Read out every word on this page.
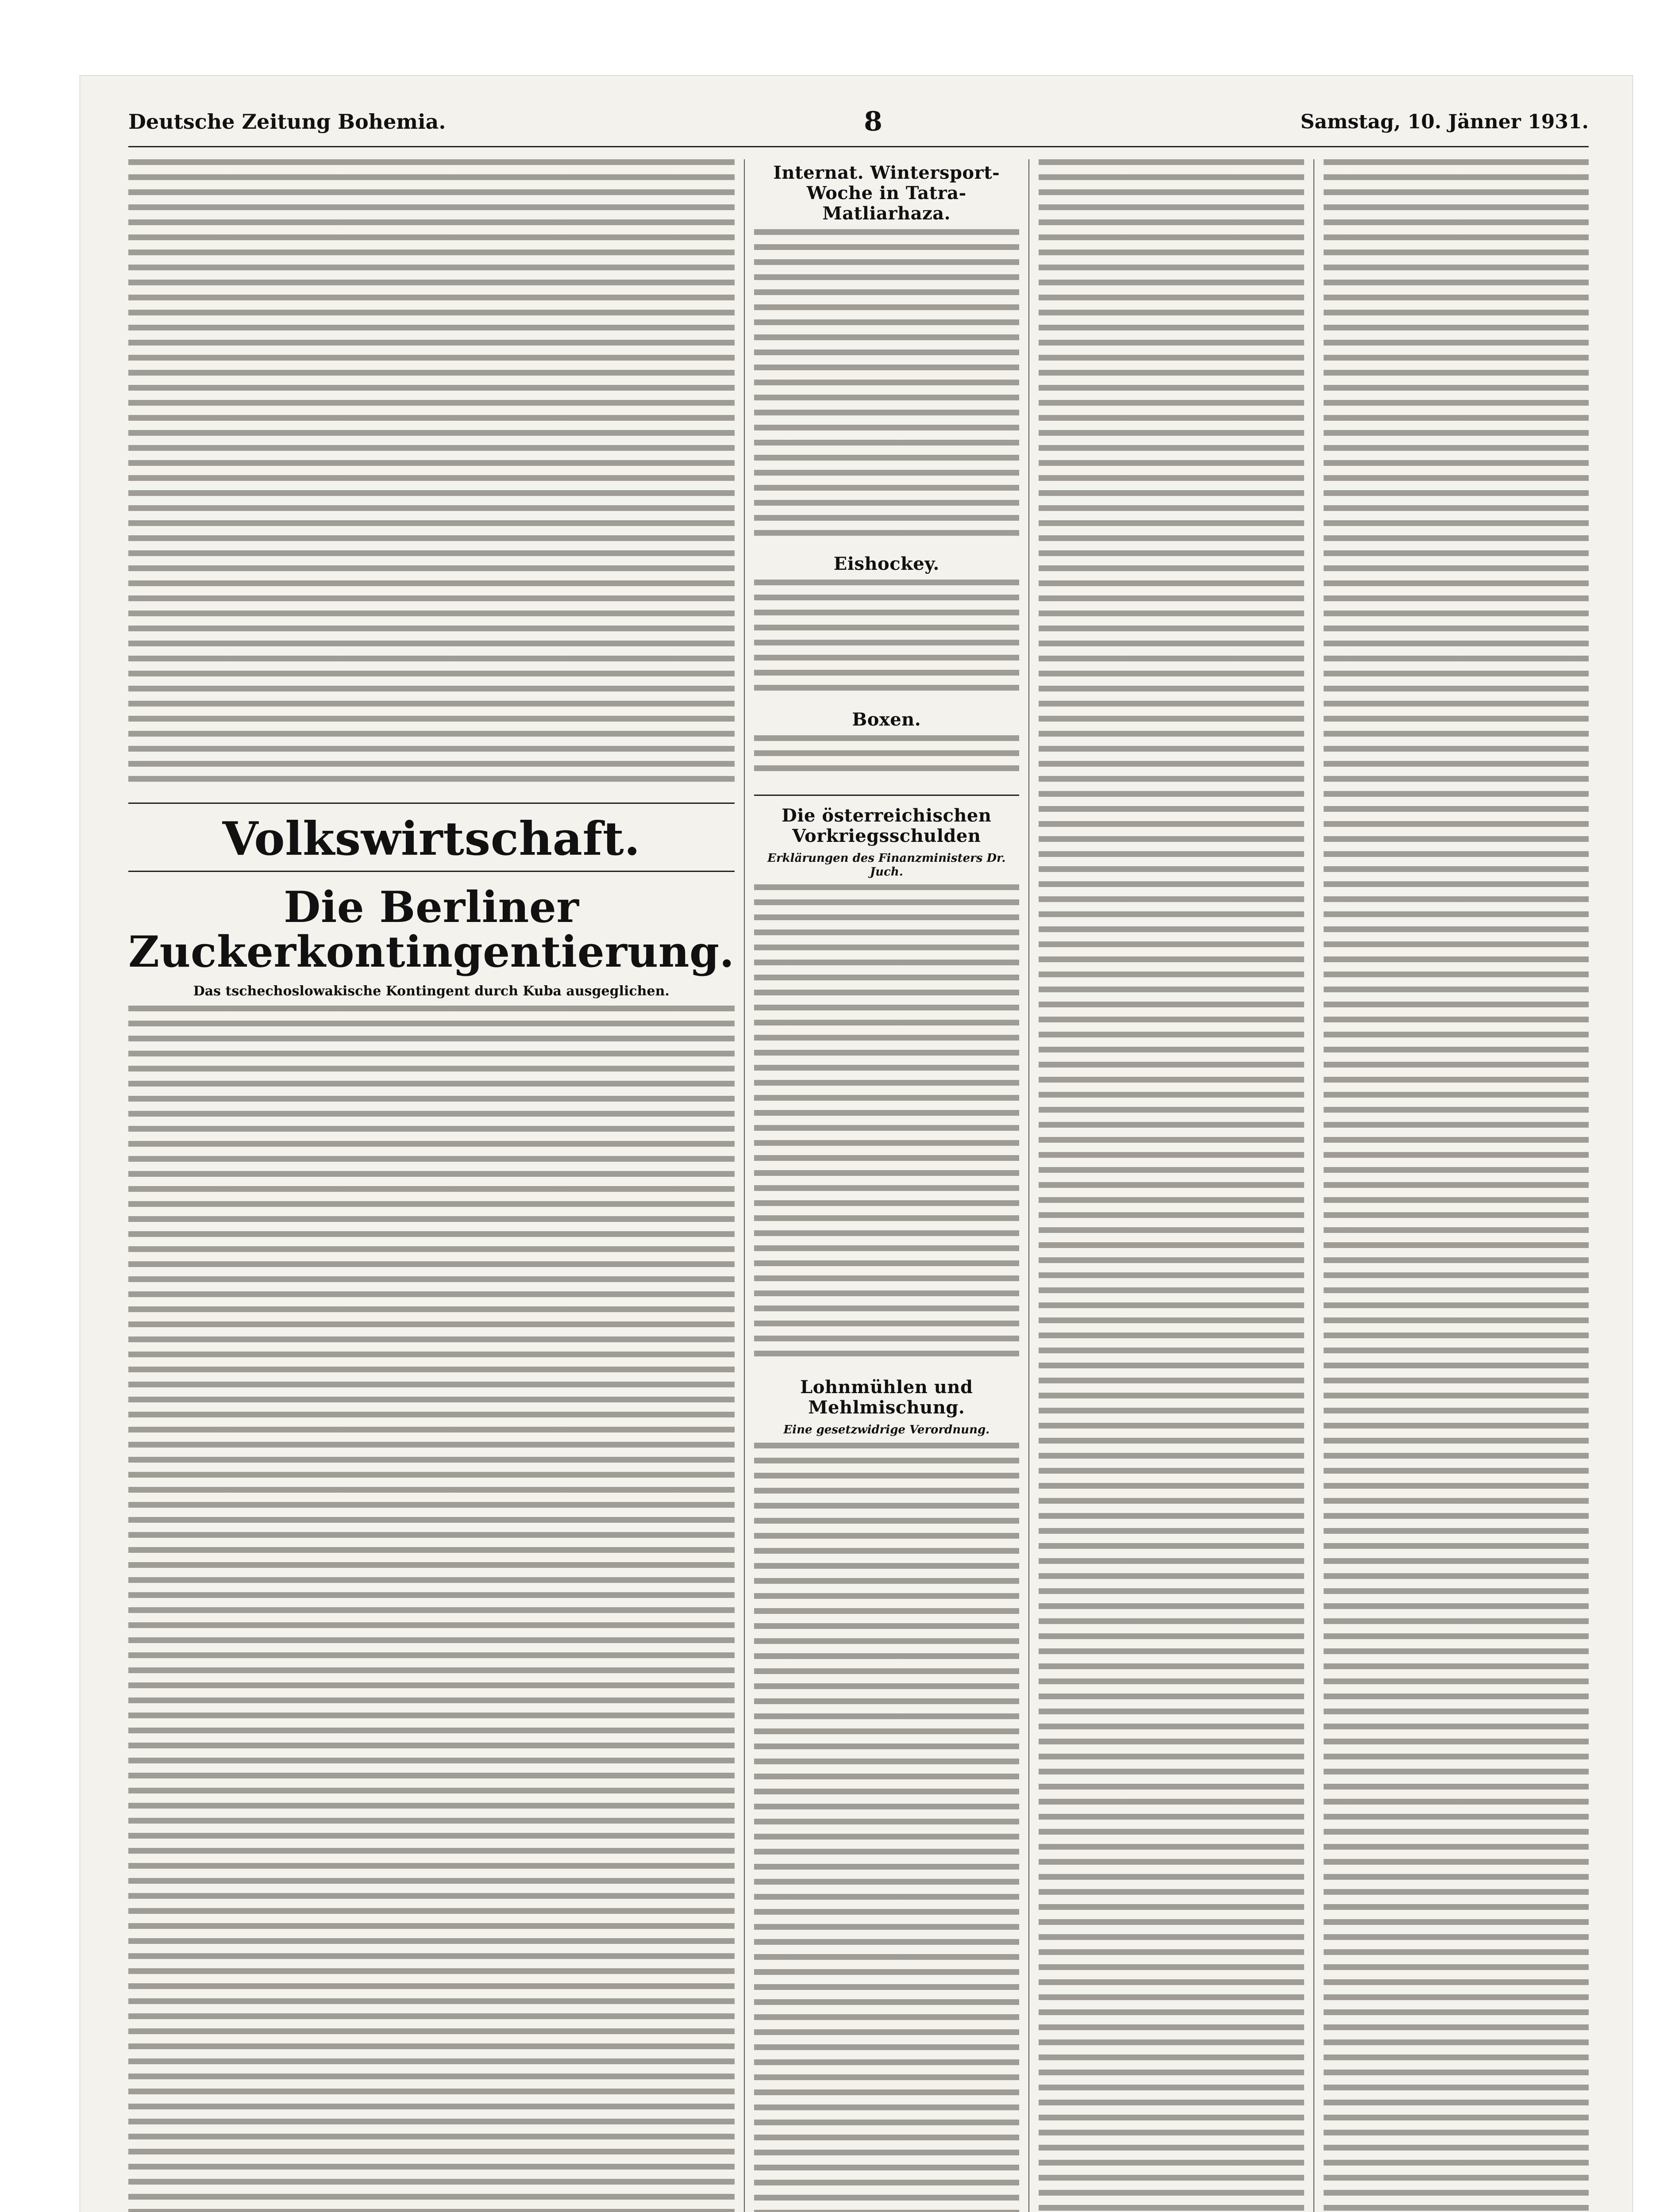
Deutsche Zeitung Bohemia.	8	Samstag, 10. Jänner 1931.
Volkswirtschaft.
Die Berliner Zuckerkontingentierung.
Das tschechoslowakische Kontingent durch Kuba ausgeglichen.
Internat. Wintersport-Woche in Tatra-Matliarhaza.
Eishockey.
Boxen.
Die österreichischen Vorkriegsschulden
Erklärungen des Finanzministers Dr. Juch.
Lohnmühlen und Mehlmischung.
Eine gesetzwidrige Verordnung.
